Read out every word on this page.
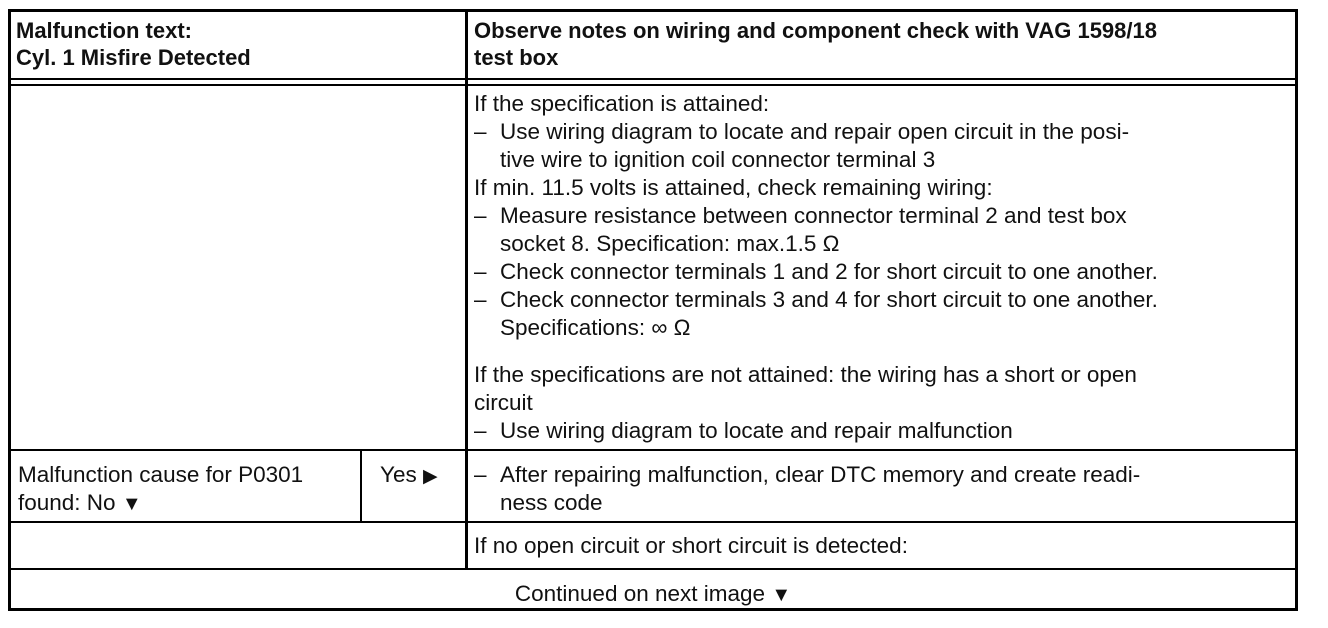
Malfunction text:
Cyl. 1 Misfire Detected
Observe notes on wiring and component check with VAG 1598/18
test box
If the specification is attained:
– Use wiring diagram to locate and repair open circuit in the posi-
tive wire to ignition coil connector terminal 3
If min. 11.5 volts is attained, check remaining wiring:
– Measure resistance between connector terminal 2 and test box
socket 8. Specification: max.1.5 Ω
– Check connector terminals 1 and 2 for short circuit to one another.
– Check connector terminals 3 and 4 for short circuit to one another.
Specifications: ∞ Ω
If the specifications are not attained: the wiring has a short or open
circuit
– Use wiring diagram to locate and repair malfunction
Malfunction cause for P0301
found: No ▼
Yes ▶ – After repairing malfunction, clear DTC memory and create readi-
ness code
If no open circuit or short circuit is detected:
Continued on next image ▼
